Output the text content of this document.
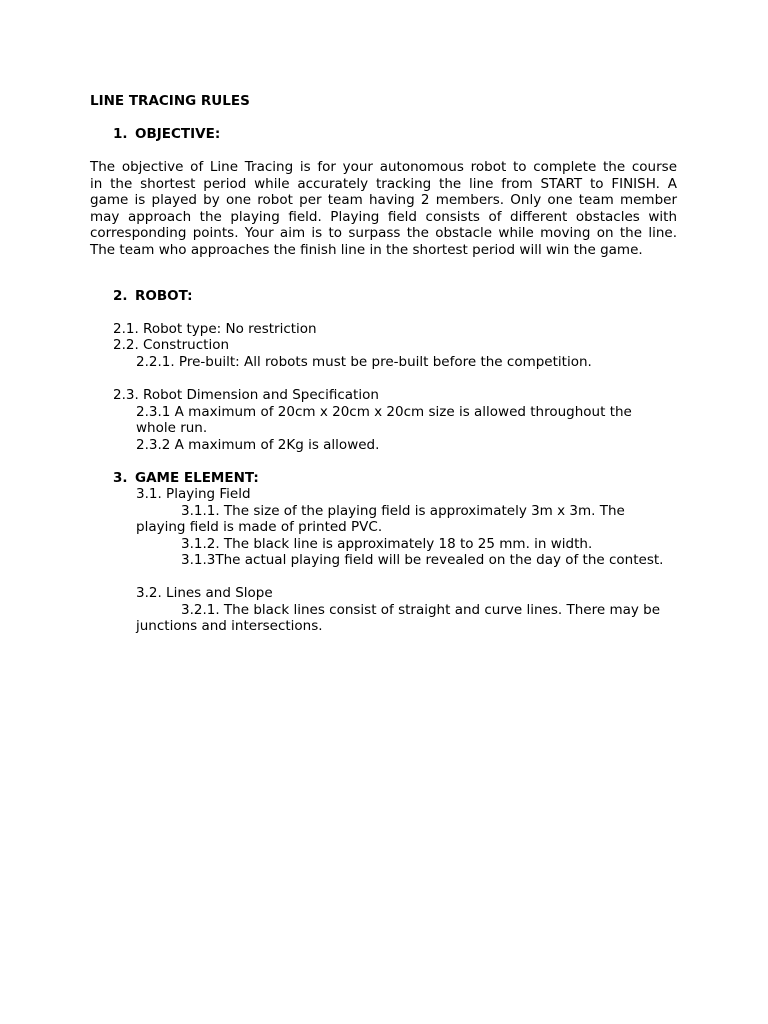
LINE TRACING RULES

1. OBJECTIVE:

The objective of Line Tracing is for your autonomous robot to complete the course
in the shortest period while accurately tracking the line from START to FINISH. A
game is played by one robot per team having 2 members. Only one team member
may approach the playing field. Playing field consists of different obstacles with
corresponding points. Your aim is to surpass the obstacle while moving on the line.
The team who approaches the finish line in the shortest period will win the game.

2. ROBOT:

2.1. Robot type: No restriction

2.2. Construction

2.2.1. Pre-built: All robots must be pre-built before the competition.

2.3. Robot Dimension and Specification

2.3.1 A maximum of 20cm x 20cm x 20cm size is allowed throughout the

whole run.

2.3.2 A maximum of 2Kg is allowed.

3. GAME ELEMENT:

3.1. Playing Field

3.1.1. The size of the playing field is approximately 3m x 3m. The

playing field is made of printed PVC.

3.1.2. The black line is approximately 18 to 25 mm. in width.

3.1.3The actual playing field will be revealed on the day of the contest.

3.2. Lines and Slope

3.2.1. The black lines consist of straight and curve lines. There may be

junctions and intersections.
